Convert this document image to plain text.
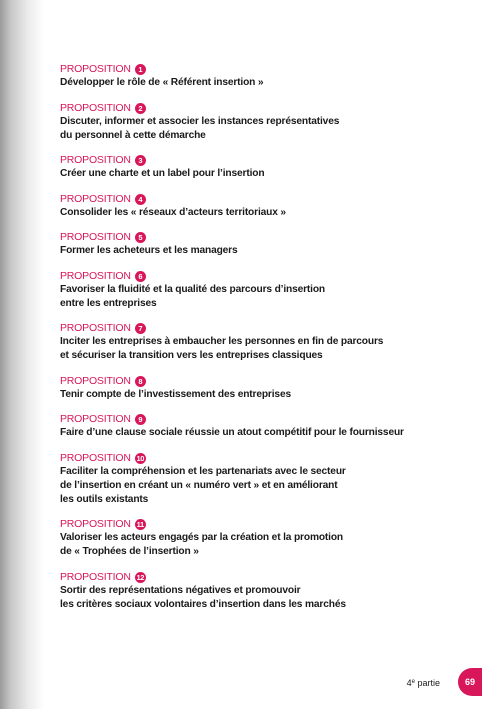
PROPOSITION	1
Développer le rôle de « Référent insertion »
PROPOSITION	2
Discuter, informer et associer les instances représentatives
du personnel à cette démarche
PROPOSITION	3
Créer une charte et un label pour l’insertion
PROPOSITION	4
Consolider les « réseaux d’acteurs territoriaux »
PROPOSITION	5
Former les acheteurs et les managers
PROPOSITION	6
Favoriser la fluidité et la qualité des parcours d’insertion
entre les entreprises
PROPOSITION	7
Inciter les entreprises à embaucher les personnes en fin de parcours
et sécuriser la transition vers les entreprises classiques
PROPOSITION	8
Tenir compte de l’investissement des entreprises
PROPOSITION	9
Faire d’une clause sociale réussie un atout compétitif pour le fournisseur
PROPOSITION 10
Faciliter la compréhension et les partenariats avec le secteur
de l’insertion en créant un « numéro vert » et en améliorant
les outils existants
PROPOSITION 11
Valoriser les acteurs engagés par la création et la promotion
de « Trophées de l’insertion »
PROPOSITION 12
Sortir des représentations négatives et promouvoir
les critères sociaux volontaires d’insertion dans les marchés
4e partie	69
